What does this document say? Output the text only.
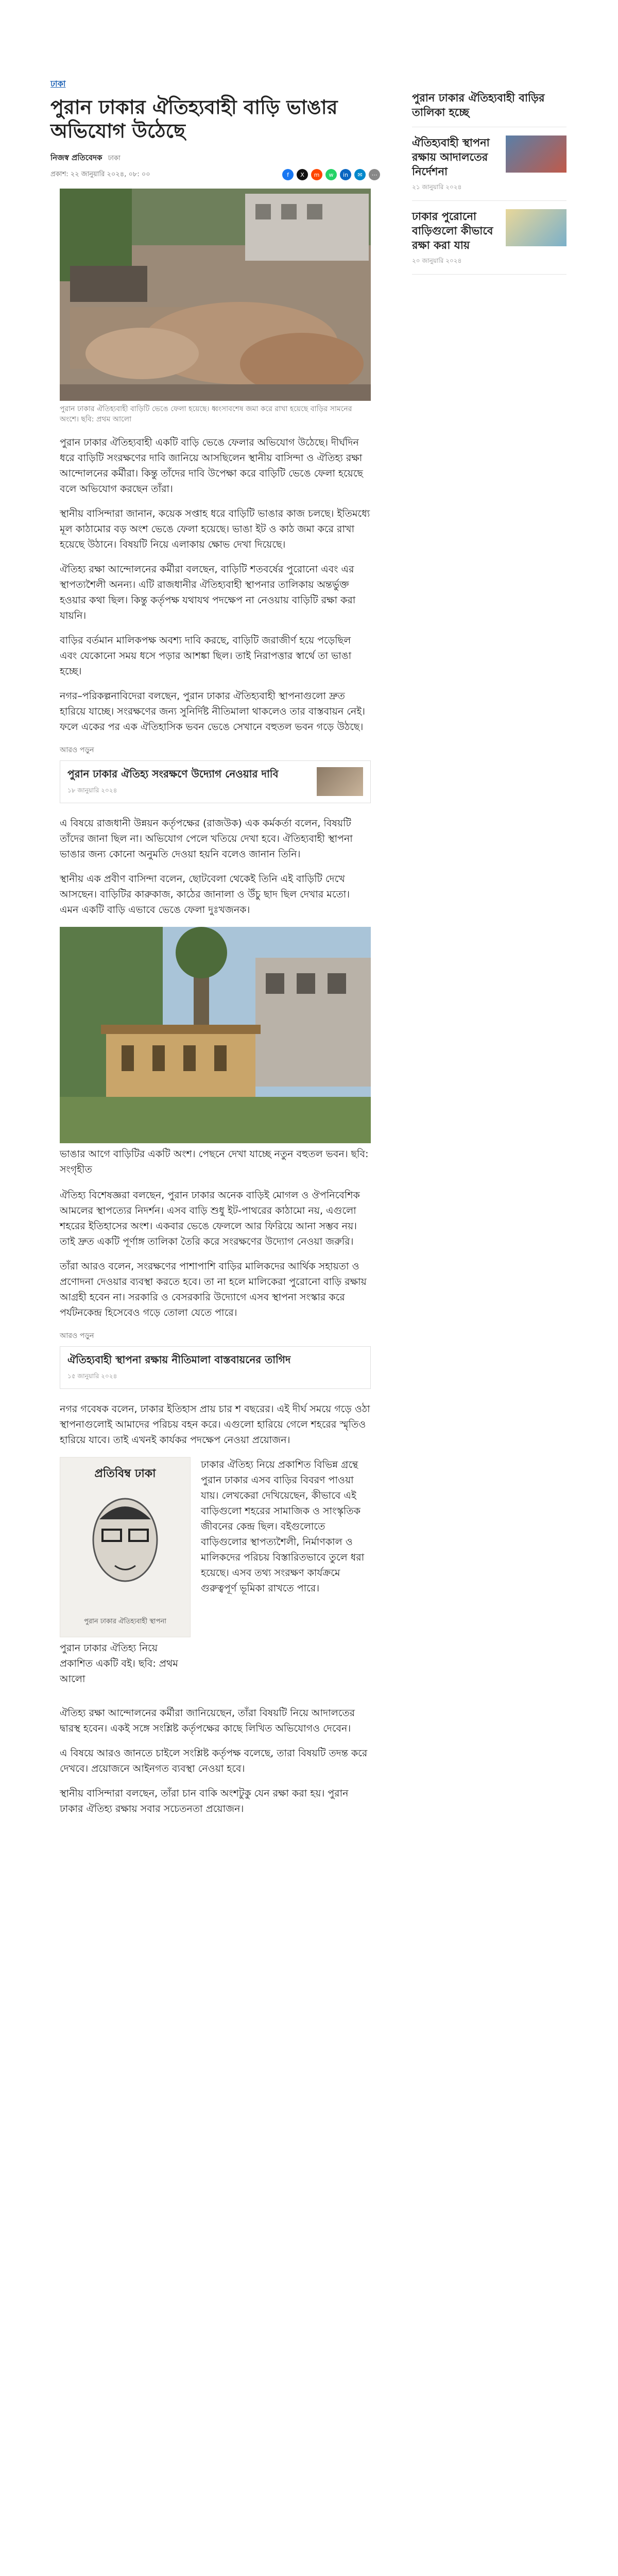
ঢাকা
পুরান ঢাকার ঐতিহ্যবাহী বাড়ি ভাঙার অভিযোগ উঠেছে
নিজস্ব প্রতিবেদক ঢাকা
প্রকাশ: ২২ জানুয়ারি ২০২৪, ০৮: ০০	f	X	m	w	in	✉	⋯

পুরান ঢাকার ঐতিহ্যবাহী বাড়িটি ভেঙে ফেলা হয়েছে। ধ্বংসাবশেষ জমা করে রাখা হয়েছে বাড়ির সামনের অংশে। ছবি: প্রথম আলো

পুরান ঢাকার ঐতিহ্যবাহী একটি বাড়ি ভেঙে ফেলার অভিযোগ উঠেছে। দীর্ঘদিন ধরে বাড়িটি সংরক্ষণের দাবি জানিয়ে আসছিলেন স্থানীয় বাসিন্দা ও ঐতিহ্য রক্ষা আন্দোলনের কর্মীরা। কিন্তু তাঁদের দাবি উপেক্ষা করে বাড়িটি ভেঙে ফেলা হয়েছে বলে অভিযোগ করছেন তাঁরা।

স্থানীয় বাসিন্দারা জানান, কয়েক সপ্তাহ ধরে বাড়িটি ভাঙার কাজ চলছে। ইতিমধ্যে মূল কাঠামোর বড় অংশ ভেঙে ফেলা হয়েছে। ভাঙা ইট ও কাঠ জমা করে রাখা হয়েছে উঠানে। বিষয়টি নিয়ে এলাকায় ক্ষোভ দেখা দিয়েছে।

ঐতিহ্য রক্ষা আন্দোলনের কর্মীরা বলছেন, বাড়িটি শতবর্ষের পুরোনো এবং এর স্থাপত্যশৈলী অনন্য। এটি রাজধানীর ঐতিহ্যবাহী স্থাপনার তালিকায় অন্তর্ভুক্ত হওয়ার কথা ছিল। কিন্তু কর্তৃপক্ষ যথাযথ পদক্ষেপ না নেওয়ায় বাড়িটি রক্ষা করা যায়নি।

বাড়ির বর্তমান মালিকপক্ষ অবশ্য দাবি করছে, বাড়িটি জরাজীর্ণ হয়ে পড়েছিল এবং যেকোনো সময় ধসে পড়ার আশঙ্কা ছিল। তাই নিরাপত্তার স্বার্থে তা ভাঙা হচ্ছে।

নগর–পরিকল্পনাবিদেরা বলছেন, পুরান ঢাকার ঐতিহ্যবাহী স্থাপনাগুলো দ্রুত হারিয়ে যাচ্ছে। সংরক্ষণের জন্য সুনির্দিষ্ট নীতিমালা থাকলেও তার বাস্তবায়ন নেই। ফলে একের পর এক ঐতিহাসিক ভবন ভেঙে সেখানে বহুতল ভবন গড়ে উঠছে।

আরও পড়ুন
পুরান ঢাকার ঐতিহ্য সংরক্ষণে উদ্যোগ নেওয়ার দাবি
১৮ জানুয়ারি ২০২৪

এ বিষয়ে রাজধানী উন্নয়ন কর্তৃপক্ষের (রাজউক) এক কর্মকর্তা বলেন, বিষয়টি তাঁদের জানা ছিল না। অভিযোগ পেলে খতিয়ে দেখা হবে। ঐতিহ্যবাহী স্থাপনা ভাঙার জন্য কোনো অনুমতি দেওয়া হয়নি বলেও জানান তিনি।

স্থানীয় এক প্রবীণ বাসিন্দা বলেন, ছোটবেলা থেকেই তিনি এই বাড়িটি দেখে আসছেন। বাড়িটির কারুকাজ, কাঠের জানালা ও উঁচু ছাদ ছিল দেখার মতো। এমন একটি বাড়ি এভাবে ভেঙে ফেলা দুঃখজনক।

ভাঙার আগে বাড়িটির একটি অংশ। পেছনে দেখা যাচ্ছে নতুন বহুতল ভবন। ছবি: সংগৃহীত

ঐতিহ্য বিশেষজ্ঞরা বলছেন, পুরান ঢাকার অনেক বাড়িই মোগল ও ঔপনিবেশিক আমলের স্থাপত্যের নিদর্শন। এসব বাড়ি শুধু ইট-পাথরের কাঠামো নয়, এগুলো শহরের ইতিহাসের অংশ। একবার ভেঙে ফেললে আর ফিরিয়ে আনা সম্ভব নয়। তাই দ্রুত একটি পূর্ণাঙ্গ তালিকা তৈরি করে সংরক্ষণের উদ্যোগ নেওয়া জরুরি।

তাঁরা আরও বলেন, সংরক্ষণের পাশাপাশি বাড়ির মালিকদের আর্থিক সহায়তা ও প্রণোদনা দেওয়ার ব্যবস্থা করতে হবে। তা না হলে মালিকেরা পুরোনো বাড়ি রক্ষায় আগ্রহী হবেন না। সরকারি ও বেসরকারি উদ্যোগে এসব স্থাপনা সংস্কার করে পর্যটনকেন্দ্র হিসেবেও গড়ে তোলা যেতে পারে।

আরও পড়ুন
ঐতিহ্যবাহী স্থাপনা রক্ষায় নীতিমালা বাস্তবায়নের তাগিদ
১৫ জানুয়ারি ২০২৪

নগর গবেষক বলেন, ঢাকার ইতিহাস প্রায় চার শ বছরের। এই দীর্ঘ সময়ে গড়ে ওঠা স্থাপনাগুলোই আমাদের পরিচয় বহন করে। এগুলো হারিয়ে গেলে শহরের স্মৃতিও হারিয়ে যাবে। তাই এখনই কার্যকর পদক্ষেপ নেওয়া প্রয়োজন।

প্রতিবিম্ব ঢাকা
পুরান ঢাকার ঐতিহ্যবাহী স্থাপনা

পুরান ঢাকার ঐতিহ্য নিয়ে প্রকাশিত একটি বই। ছবি: প্রথম আলো

ঢাকার ঐতিহ্য নিয়ে প্রকাশিত বিভিন্ন গ্রন্থে পুরান ঢাকার এসব বাড়ির বিবরণ পাওয়া যায়। লেখকেরা দেখিয়েছেন, কীভাবে এই বাড়িগুলো শহরের সামাজিক ও সাংস্কৃতিক জীবনের কেন্দ্র ছিল। বইগুলোতে বাড়িগুলোর স্থাপত্যশৈলী, নির্মাণকাল ও মালিকদের পরিচয় বিস্তারিতভাবে তুলে ধরা হয়েছে। এসব তথ্য সংরক্ষণ কার্যক্রমে গুরুত্বপূর্ণ ভূমিকা রাখতে পারে।

ঐতিহ্য রক্ষা আন্দোলনের কর্মীরা জানিয়েছেন, তাঁরা বিষয়টি নিয়ে আদালতের দ্বারস্থ হবেন। একই সঙ্গে সংশ্লিষ্ট কর্তৃপক্ষের কাছে লিখিত অভিযোগও দেবেন।

এ বিষয়ে আরও জানতে চাইলে সংশ্লিষ্ট কর্তৃপক্ষ বলেছে, তারা বিষয়টি তদন্ত করে দেখবে। প্রয়োজনে আইনগত ব্যবস্থা নেওয়া হবে।

স্থানীয় বাসিন্দারা বলছেন, তাঁরা চান বাকি অংশটুকু যেন রক্ষা করা হয়। পুরান ঢাকার ঐতিহ্য রক্ষায় সবার সচেতনতা প্রয়োজন।

পুরান ঢাকার ঐতিহ্যবাহী বাড়ির তালিকা হচ্ছে
ঐতিহ্যবাহী স্থাপনা রক্ষায় আদালতের নির্দেশনা
২১ জানুয়ারি ২০২৪
ঢাকার পুরোনো বাড়িগুলো কীভাবে রক্ষা করা যায়
২০ জানুয়ারি ২০২৪
